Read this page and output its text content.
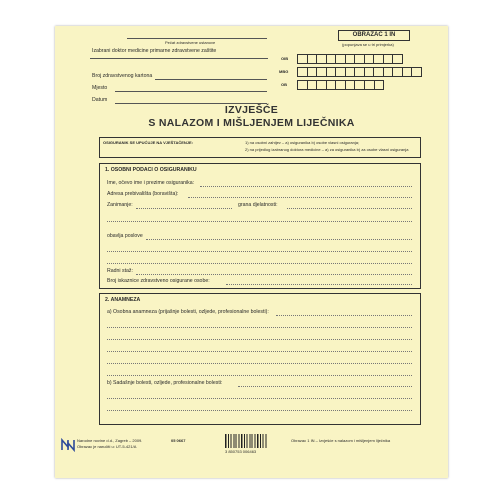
Pečat zdravstvene ustanove
Izabrani doktor medicine primarne zdravstvene zaštite
Broj zdravstvenog kartona
Mjesto
Datum
OBRAZAC 1 IN
(popunjava se u tri primjerka)
OIB
MBG
OB
IZVJEŠĆE
S NALAZOM I MIŠLJENJEM LIJEČNIKA
OSIGURANIK SE UPUĆUJE NA VJEŠTAČENJE:	1) na osobni zahtjev – a) osiguranika b) osobe vlasni osiguranja;
2) na prijedlog izabranog doktora medicine – a) za osiguranika b) za osobe vlasni osiguranja
1. OSOBNI PODACI O OSIGURANIKU
Ime, očevo ime i prezime osiguranika:
Adresa prebivališta (boravišta):
Zanimanje:	grana djelatnosti:
obavlja poslove
Radni staž:
Broj iskaznice zdravstveno osigurane osobe:
2. ANAMNEZA
a) Osobna anamneza (prijašnje bolesti, ozljede, profesionalne bolesti):
b) Sadašnje bolesti, ozljede, profesionalne bolesti:
Narodne novine d.d., Zagreb – 2009.
Obrazac je naručiti u: UT-5-421/A
05 0667
3 850753 006463
Obrazac 1 IN – Izvješće s nalazom i mišljenjem liječnika
